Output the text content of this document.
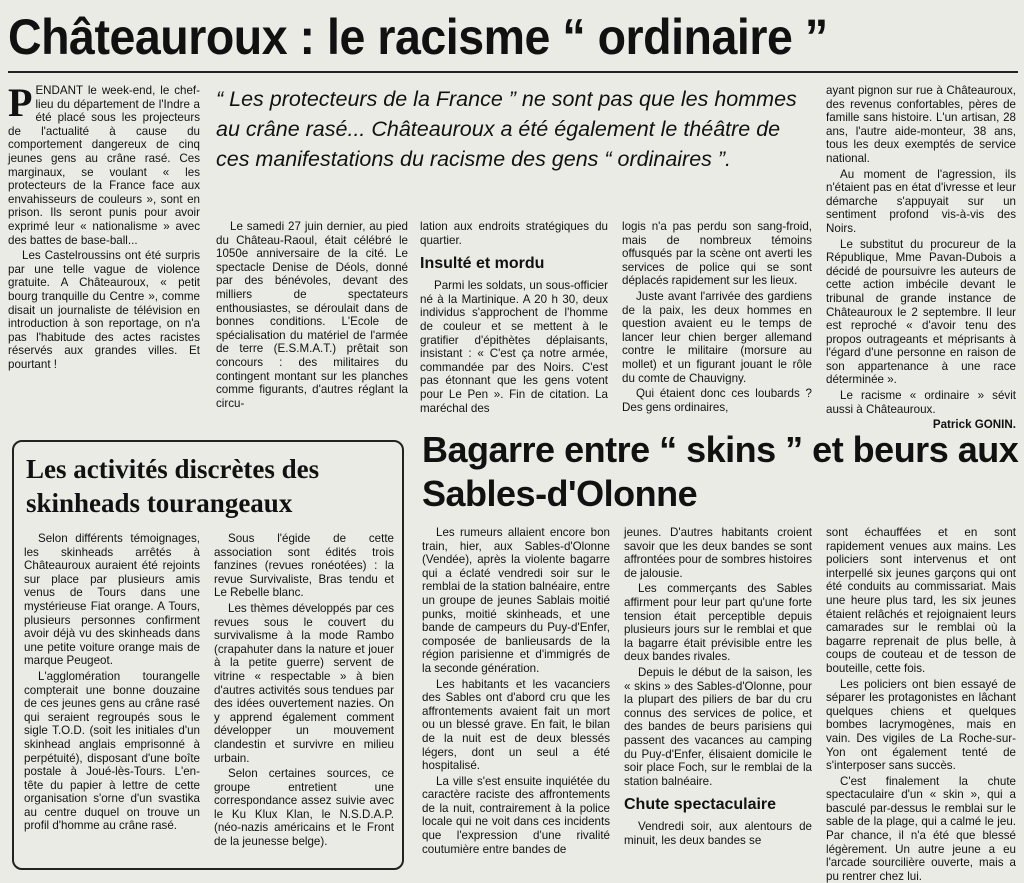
Châteauroux : le racisme “ ordinaire ”

PENDANT le week-end, le chef-lieu du département de l'Indre a été placé sous les projecteurs de l'actualité à cause du comportement dangereux de cinq jeunes gens au crâne rasé. Ces marginaux, se voulant « les protecteurs de la France face aux envahisseurs de couleurs », sont en prison. Ils seront punis pour avoir exprimé leur « nationalisme » avec des battes de base-ball...

Les Castelroussins ont été surpris par une telle vague de violence gratuite. A Châteauroux, « petit bourg tranquille du Centre », comme disait un journaliste de télévision en introduction à son reportage, on n'a pas l'habitude des actes racistes réservés aux grandes villes. Et pourtant !

“ Les protecteurs de la France ” ne sont pas que les hommes au crâne rasé... Châteauroux a été également le théâtre de ces manifestations du racisme des gens “ ordinaires ”.

Le samedi 27 juin dernier, au pied du Château-Raoul, était célébré le 1050e anniversaire de la cité. Le spectacle Denise de Déols, donné par des bénévoles, devant des milliers de spectateurs enthousiastes, se déroulait dans de bonnes conditions. L'Ecole de spécialisation du matériel de l'armée de terre (E.S.M.A.T.) prêtait son concours : des militaires du contingent montant sur les planches comme figurants, d'autres réglant la circu-

lation aux endroits stratégiques du quartier.

Insulté et mordu

Parmi les soldats, un sous-officier né à la Martinique. A 20 h 30, deux individus s'approchent de l'homme de couleur et se mettent à le gratifier d'épithètes déplaisants, insistant : « C'est ça notre armée, commandée par des Noirs. C'est pas étonnant que les gens votent pour Le Pen ». Fin de citation. La maréchal des

logis n'a pas perdu son sang-froid, mais de nombreux témoins offusqués par la scène ont averti les services de police qui se sont déplacés rapidement sur les lieux.

Juste avant l'arrivée des gardiens de la paix, les deux hommes en question avaient eu le temps de lancer leur chien berger allemand contre le militaire (morsure au mollet) et un figurant jouant le rôle du comte de Chauvigny.

Qui étaient donc ces loubards ? Des gens ordinaires,

ayant pignon sur rue à Châteauroux, des revenus confortables, pères de famille sans histoire. L'un artisan, 28 ans, l'autre aide-monteur, 38 ans, tous les deux exemptés de service national.

Au moment de l'agression, ils n'étaient pas en état d'ivresse et leur démarche s'appuyait sur un sentiment profond vis-à-vis des Noirs.

Le substitut du procureur de la République, Mme Pavan-Dubois a décidé de poursuivre les auteurs de cette action imbécile devant le tribunal de grande instance de Châteauroux le 2 septembre. Il leur est reproché « d'avoir tenu des propos outrageants et méprisants à l'égard d'une personne en raison de son appartenance à une race déterminée ».

Le racisme « ordinaire » sévit aussi à Châteauroux.

Patrick GONIN.

Les activités discrètes des skinheads tourangeaux

Selon différents témoignages, les skinheads arrêtés à Châteauroux auraient été rejoints sur place par plusieurs amis venus de Tours dans une mystérieuse Fiat orange. A Tours, plusieurs personnes confirment avoir déjà vu des skinheads dans une petite voiture orange mais de marque Peugeot.

L'agglomération tourangelle compterait une bonne douzaine de ces jeunes gens au crâne rasé qui seraient regroupés sous le sigle T.O.D. (soit les initiales d'un skinhead anglais emprisonné à perpétuité), disposant d'une boîte postale à Joué-lès-Tours. L'en-tête du papier à lettre de cette organisation s'orne d'un svastika au centre duquel on trouve un profil d'homme au crâne rasé.

Sous l'égide de cette association sont édités trois fanzines (revues ronéotées) : la revue Survivaliste, Bras tendu et Le Rebelle blanc.

Les thèmes développés par ces revues sous le couvert du survivalisme à la mode Rambo (crapahuter dans la nature et jouer à la petite guerre) servent de vitrine « respectable » à bien d'autres activités sous tendues par des idées ouvertement nazies. On y apprend également comment développer un mouvement clandestin et survivre en milieu urbain.

Selon certaines sources, ce groupe entretient une correspondance assez suivie avec le Ku Klux Klan, le N.S.D.A.P. (néo-nazis américains et le Front de la jeunesse belge).

Bagarre entre “ skins ” et beurs aux Sables-d'Olonne

Les rumeurs allaient encore bon train, hier, aux Sables-d'Olonne (Vendée), après la violente bagarre qui a éclaté vendredi soir sur le remblai de la station balnéaire, entre un groupe de jeunes Sablais moitié punks, moitié skinheads, et une bande de campeurs du Puy-d'Enfer, composée de banlieusards de la région parisienne et d'immigrés de la seconde génération.

Les habitants et les vacanciers des Sables ont d'abord cru que les affrontements avaient fait un mort ou un blessé grave. En fait, le bilan de la nuit est de deux blessés légers, dont un seul a été hospitalisé.

La ville s'est ensuite inquiétée du caractère raciste des affrontements de la nuit, contrairement à la police locale qui ne voit dans ces incidents que l'expression d'une rivalité coutumière entre bandes de

jeunes. D'autres habitants croient savoir que les deux bandes se sont affrontées pour de sombres histoires de jalousie.

Les commerçants des Sables affirment pour leur part qu'une forte tension était perceptible depuis plusieurs jours sur le remblai et que la bagarre était prévisible entre les deux bandes rivales.

Depuis le début de la saison, les « skins » des Sables-d'Olonne, pour la plupart des piliers de bar du cru connus des services de police, et des bandes de beurs parisiens qui passent des vacances au camping du Puy-d'Enfer, élisaient domicile le soir place Foch, sur le remblai de la station balnéaire.

Chute spectaculaire

Vendredi soir, aux alentours de minuit, les deux bandes se

sont échauffées et en sont rapidement venues aux mains. Les policiers sont intervenus et ont interpellé six jeunes garçons qui ont été conduits au commissariat. Mais une heure plus tard, les six jeunes étaient relâchés et rejoignaient leurs camarades sur le remblai où la bagarre reprenait de plus belle, à coups de couteau et de tesson de bouteille, cette fois.

Les policiers ont bien essayé de séparer les protagonistes en lâchant quelques chiens et quelques bombes lacrymogènes, mais en vain. Des vigiles de La Roche-sur-Yon ont également tenté de s'interposer sans succès.

C'est finalement la chute spectaculaire d'un « skin », qui a basculé par-dessus le remblai sur le sable de la plage, qui a calmé le jeu. Par chance, il n'a été que blessé légèrement. Un autre jeune a eu l'arcade sourcilière ouverte, mais a pu rentrer chez lui.
